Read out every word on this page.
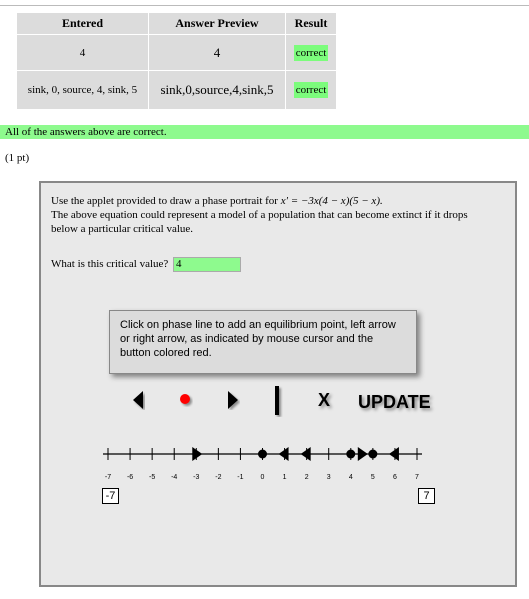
Entered	Answer Preview	Result
4	4	correct
sink, 0, source, 4, sink, 5	sink,0,source,4,sink,5	correct
All of the answers above are correct.
(1 pt)
Use the applet provided to draw a phase portrait for x′ = −3x(4 − x)(5 − x).
The above equation could represent a model of a population that can become extinct if it drops below a particular critical value.
What is this critical value? 4
Click on phase line to add an equilibrium point, left arrow or right arrow, as indicated by mouse cursor and the button colored red.
X UPDATE
-7 -6 -5 -4 -3 -2 -1 0	1	2	3	4	5	6	7
-7	7
